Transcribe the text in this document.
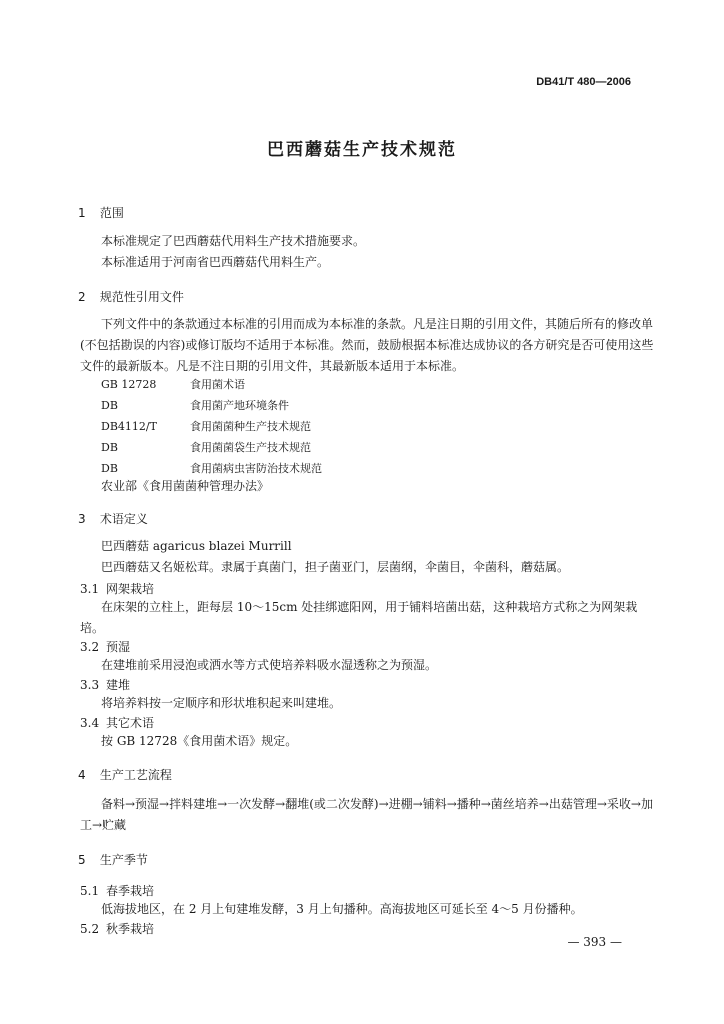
DB41/T 480—2006
巴西蘑菇生产技术规范
1 范围
本标准规定了巴西蘑菇代用料生产技术措施要求。
本标准适用于河南省巴西蘑菇代用料生产。
2 规范性引用文件
下列文件中的条款通过本标准的引用而成为本标准的条款。凡是注日期的引用文件，其随后所有的修改单(不包括勘误的内容)或修订版均不适用于本标准。然而，鼓励根据本标准达成协议的各方研究是否可使用这些文件的最新版本。凡是不注日期的引用文件，其最新版本适用于本标准。
GB 12728	食用菌术语
DB	食用菌产地环境条件
DB4112/T	食用菌菌种生产技术规范
DB	食用菌菌袋生产技术规范
DB	食用菌病虫害防治技术规范
农业部《食用菌菌种管理办法》
3 术语定义
巴西蘑菇 agaricus blazei Murrill
巴西蘑菇又名姬松茸。隶属于真菌门，担子菌亚门，层菌纲，伞菌目，伞菌科，蘑菇属。
3.1 网架栽培
在床架的立柱上，距每层 10～15cm 处挂绑遮阳网，用于铺料培菌出菇，这种栽培方式称之为网架栽培。
3.2 预湿
在建堆前采用浸泡或洒水等方式使培养料吸水湿透称之为预湿。
3.3 建堆
将培养料按一定顺序和形状堆积起来叫建堆。
3.4 其它术语
按 GB 12728《食用菌术语》规定。
4 生产工艺流程
备料→预湿→拌料建堆→一次发酵→翻堆(或二次发酵)→进棚→铺料→播种→菌丝培养→出菇管理→采收→加工→贮藏
5 生产季节
5.1 春季栽培
低海拔地区，在 2 月上旬建堆发酵，3 月上旬播种。高海拔地区可延长至 4～5 月份播种。
5.2 秋季栽培
— 393 —
